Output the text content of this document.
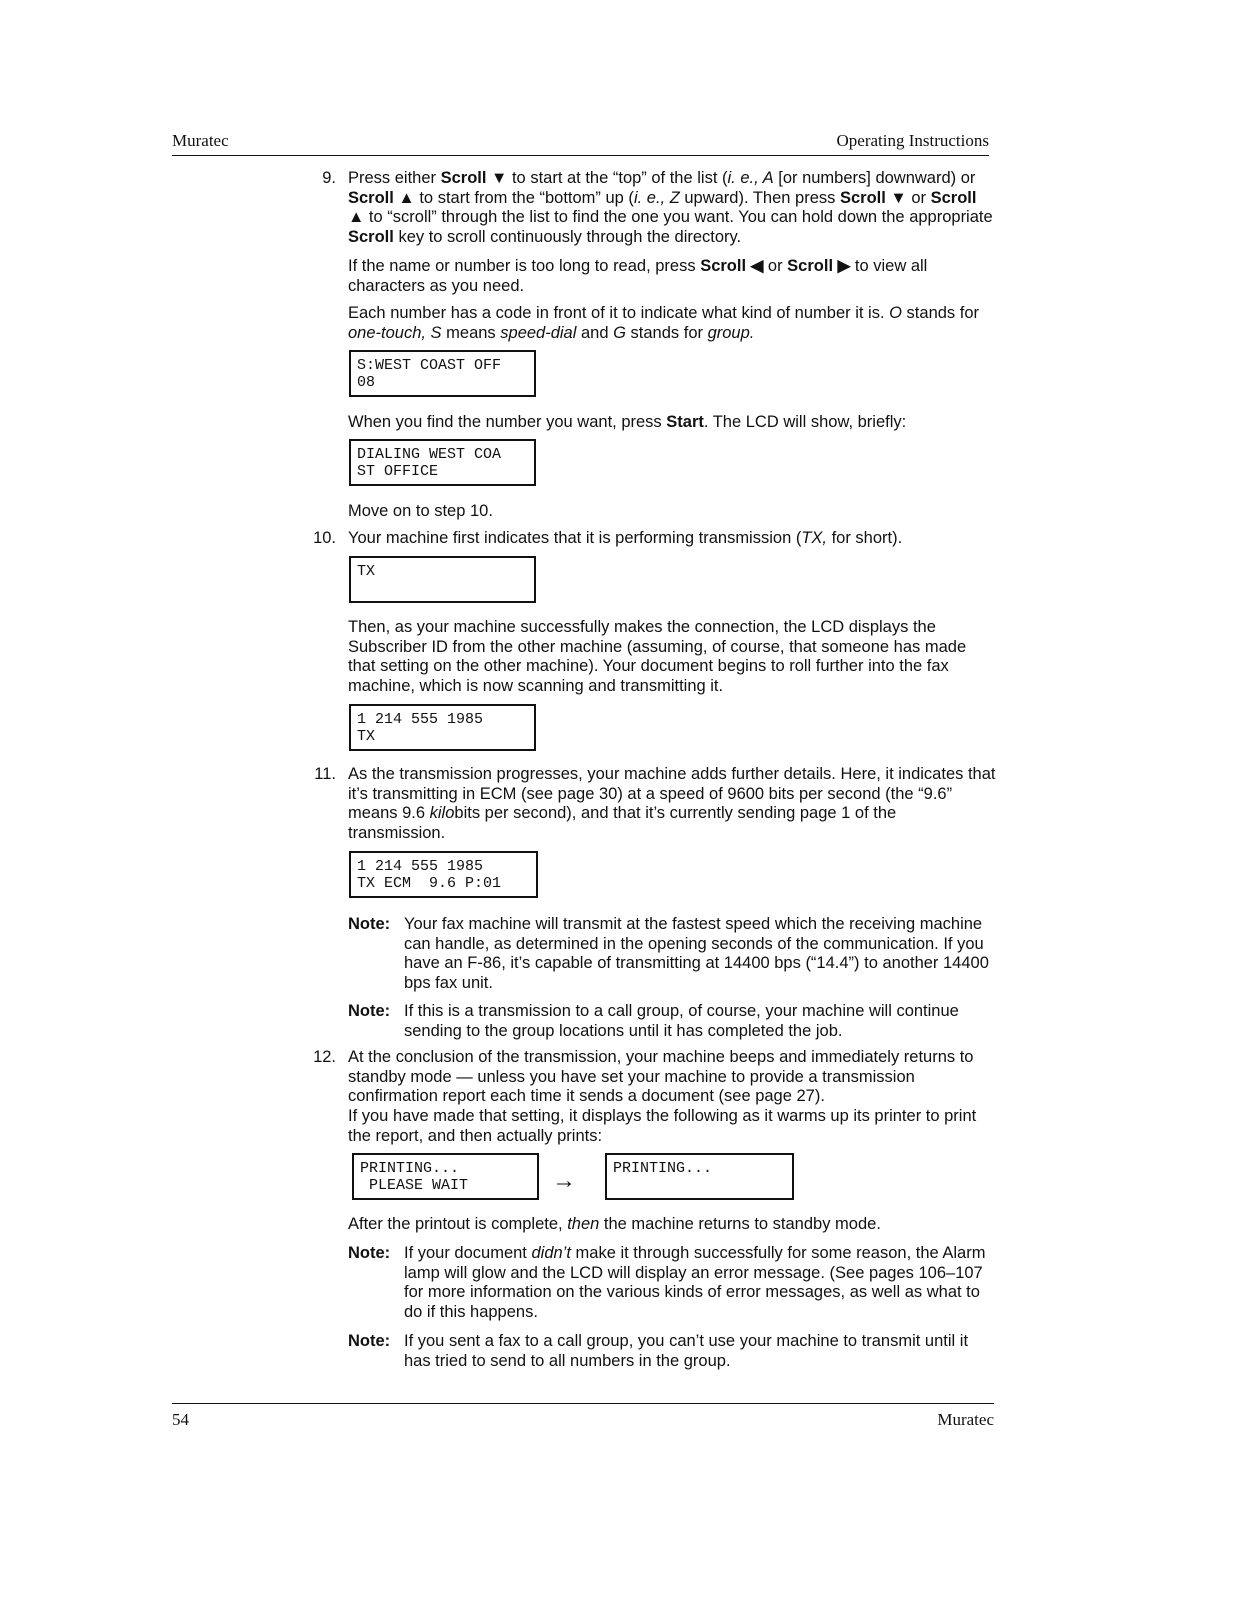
Muratec	Operating Instructions
9. Press either Scroll ▼ to start at the “top” of the list (i. e., A [or numbers] downward) or Scroll ▲ to start from the “bottom” up (i. e., Z upward). Then press Scroll ▼ or Scroll ▲ to “scroll” through the list to find the one you want. You can hold down the appropriate Scroll key to scroll continuously through the directory.
If the name or number is too long to read, press Scroll ◀ or Scroll ▶ to view all characters as you need.
Each number has a code in front of it to indicate what kind of number it is. O stands for one-touch, S means speed-dial and G stands for group.
S:WEST COAST OFF
08
When you find the number you want, press Start. The LCD will show, briefly:
DIALING WEST COA
ST OFFICE
Move on to step 10.
10. Your machine first indicates that it is performing transmission (TX, for short).
TX
Then, as your machine successfully makes the connection, the LCD displays the Subscriber ID from the other machine (assuming, of course, that someone has made that setting on the other machine). Your document begins to roll further into the fax machine, which is now scanning and transmitting it.
1 214 555 1985
TX
11. As the transmission progresses, your machine adds further details. Here, it indicates that it’s transmitting in ECM (see page 30) at a speed of 9600 bits per second (the “9.6” means 9.6 kilobits per second), and that it’s currently sending page 1 of the transmission.
1 214 555 1985
TX ECM  9.6 P:01
Note: Your fax machine will transmit at the fastest speed which the receiving machine can handle, as determined in the opening seconds of the communication. If you have an F-86, it’s capable of transmitting at 14400 bps (“14.4”) to another 14400 bps fax unit.
Note: If this is a transmission to a call group, of course, your machine will continue sending to the group locations until it has completed the job.
12. At the conclusion of the transmission, your machine beeps and immediately returns to standby mode — unless you have set your machine to provide a transmission confirmation report each time it sends a document (see page 27).
If you have made that setting, it displays the following as it warms up its printer to print the report, and then actually prints:
PRINTING...
PLEASE WAIT	→ PRINTING...
After the printout is complete, then the machine returns to standby mode.
Note: If your document didn’t make it through successfully for some reason, the Alarm lamp will glow and the LCD will display an error message. (See pages 106–107 for more information on the various kinds of error messages, as well as what to do if this happens.
Note: If you sent a fax to a call group, you can’t use your machine to transmit until it has tried to send to all numbers in the group.
54	Muratec
